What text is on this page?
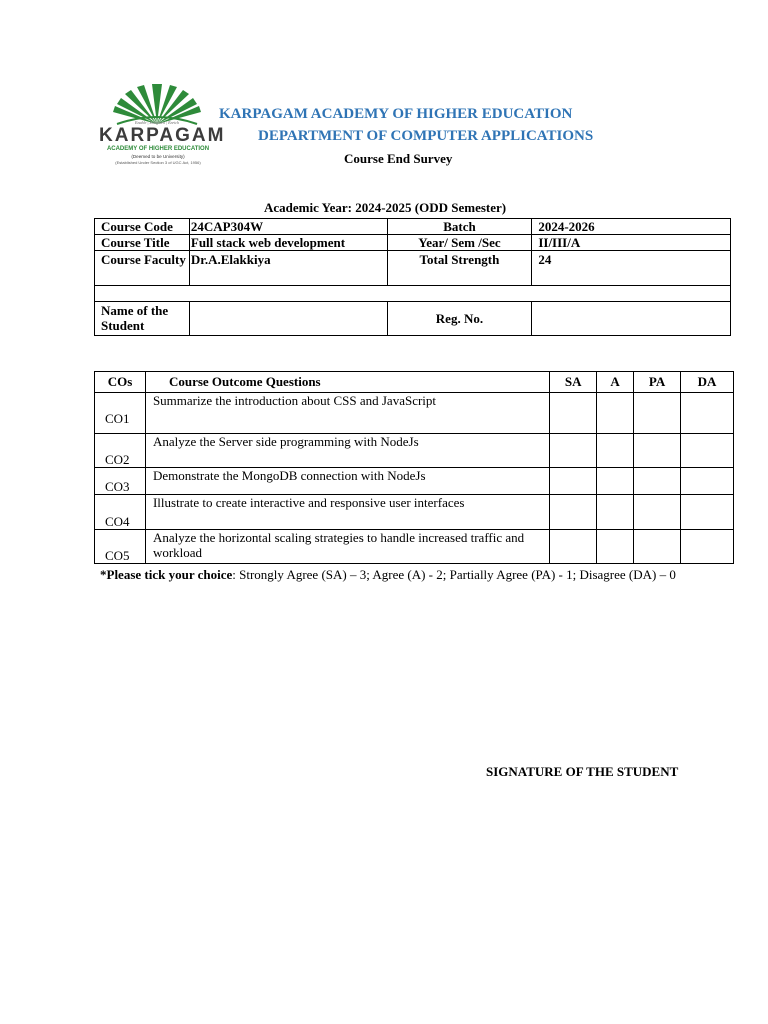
Enable | Enlighten | Enrich
KARPAGAM
ACADEMY OF HIGHER EDUCATION
(Deemed to be University)
(Established Under Section 3 of UGC Act, 1956)
KARPAGAM ACADEMY OF HIGHER EDUCATION
DEPARTMENT OF COMPUTER APPLICATIONS
Course End Survey
Academic Year: 2024-2025 (ODD Semester)
Course Code	24CAP304W	Batch	2024-2026
Course Title	Full stack web development	Year/ Sem /Sec	II/III/A
Course Faculty	Dr.A.Elakkiya	Total Strength	24

Name of the Student		Reg. No.	
COs	Course Outcome Questions	SA	A	PA	DA
CO1	Summarize the introduction about CSS and JavaScript				
CO2	Analyze the Server side programming with NodeJs				
CO3	Demonstrate the MongoDB connection with NodeJs				
CO4	Illustrate to create interactive and responsive user interfaces				
CO5	Analyze the horizontal scaling strategies to handle increased traffic and workload				
*Please tick your choice: Strongly Agree (SA) – 3; Agree (A) - 2; Partially Agree (PA) - 1; Disagree (DA) – 0
SIGNATURE OF THE STUDENT
